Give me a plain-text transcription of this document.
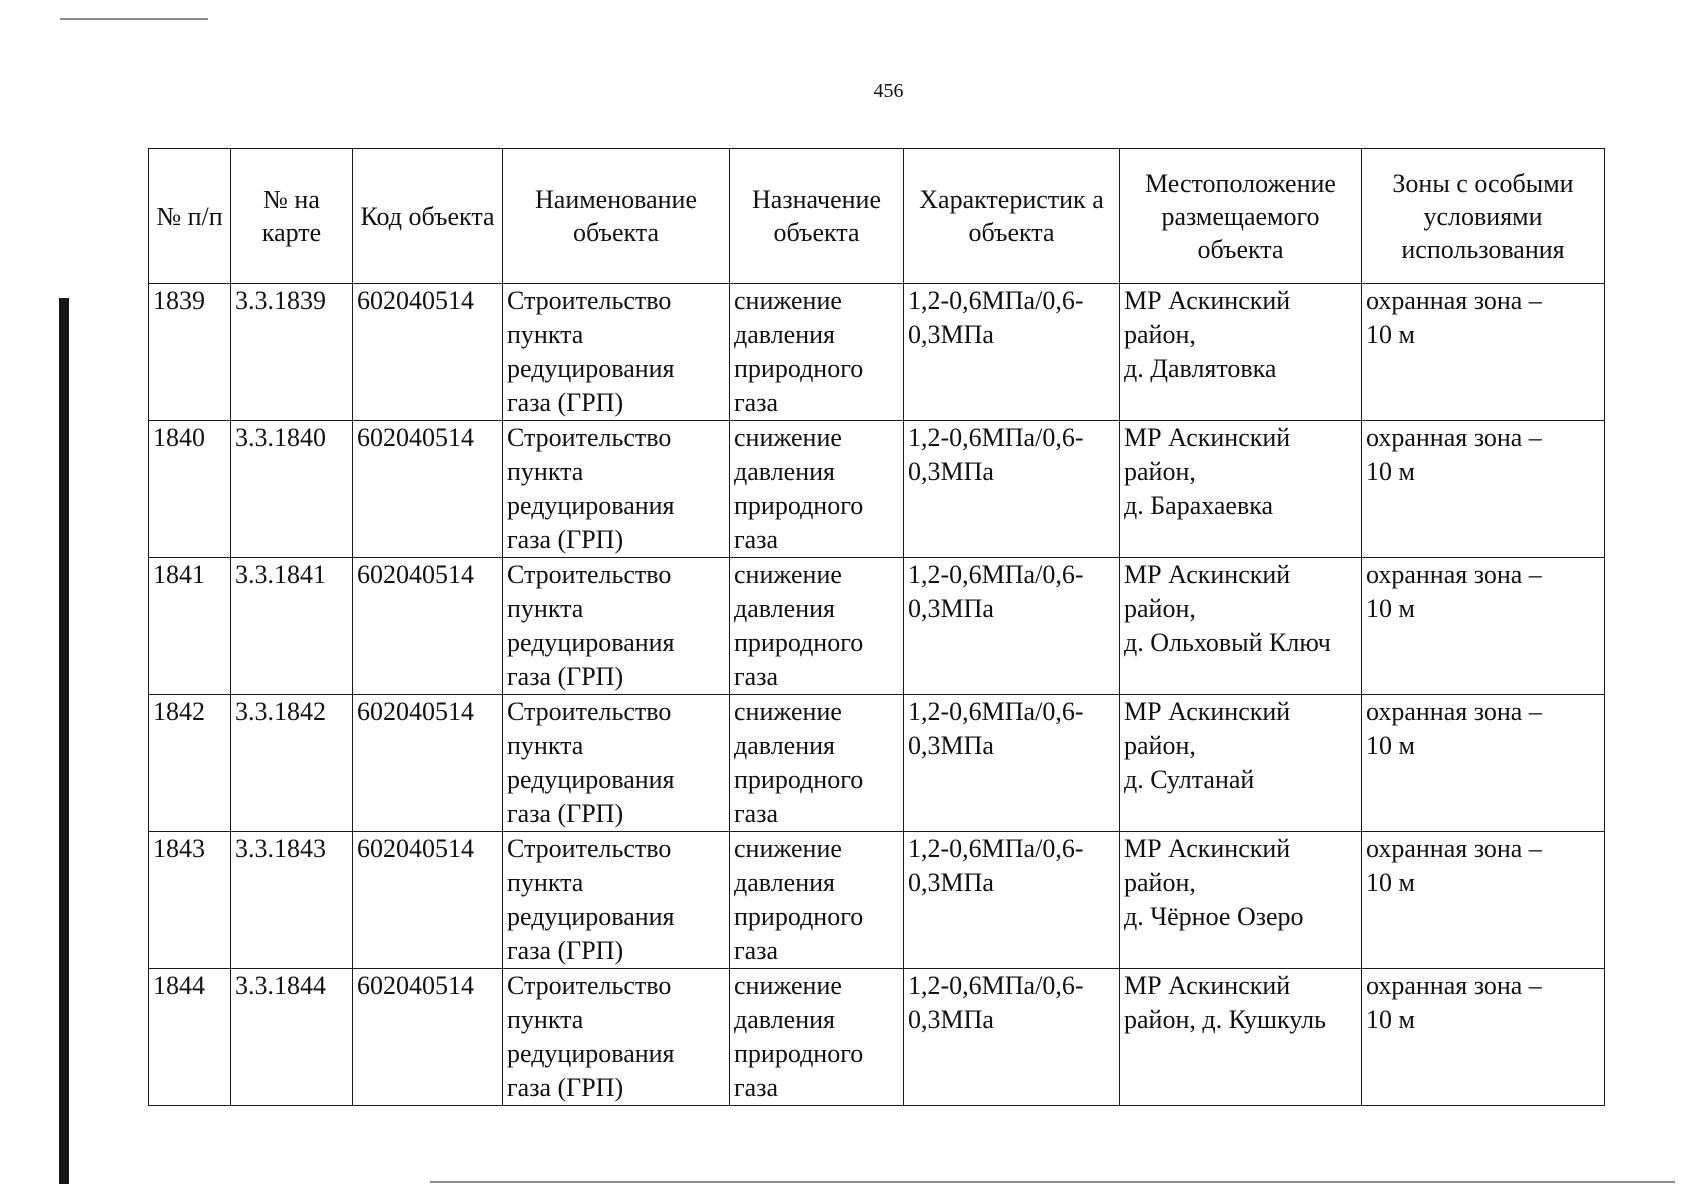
456
№ п/п	№ на карте	Код объекта	Наименование объекта	Назначение объекта	Характеристик а объекта	Местоположение размещаемого объекта	Зоны с особыми условиями использования
1839	3.3.1839	602040514	Строительство
пункта
редуцирования
газа (ГРП)	снижение
давления
природного
газа	1,2-0,6МПа/0,6-
0,3МПа	МР Аскинский
район,
д. Давлятовка	охранная зона –
10 м

1840	3.3.1840	602040514	Строительство
пункта
редуцирования
газа (ГРП)	снижение
давления
природного
газа	1,2-0,6МПа/0,6-
0,3МПа	МР Аскинский
район,
д. Барахаевка	охранная зона –
10 м

1841	3.3.1841	602040514	Строительство
пункта
редуцирования
газа (ГРП)	снижение
давления
природного
газа	1,2-0,6МПа/0,6-
0,3МПа	МР Аскинский
район,
д. Ольховый Ключ	охранная зона –
10 м

1842	3.3.1842	602040514	Строительство
пункта
редуцирования
газа (ГРП)	снижение
давления
природного
газа	1,2-0,6МПа/0,6-
0,3МПа	МР Аскинский
район,
д. Султанай	охранная зона –
10 м

1843	3.3.1843	602040514	Строительство
пункта
редуцирования
газа (ГРП)	снижение
давления
природного
газа	1,2-0,6МПа/0,6-
0,3МПа	МР Аскинский
район,
д. Чёрное Озеро	охранная зона –
10 м

1844	3.3.1844	602040514	Строительство
пункта
редуцирования
газа (ГРП)	снижение
давления
природного
газа	1,2-0,6МПа/0,6-
0,3МПа	МР Аскинский
район, д. Кушкуль	охранная зона –
10 м
